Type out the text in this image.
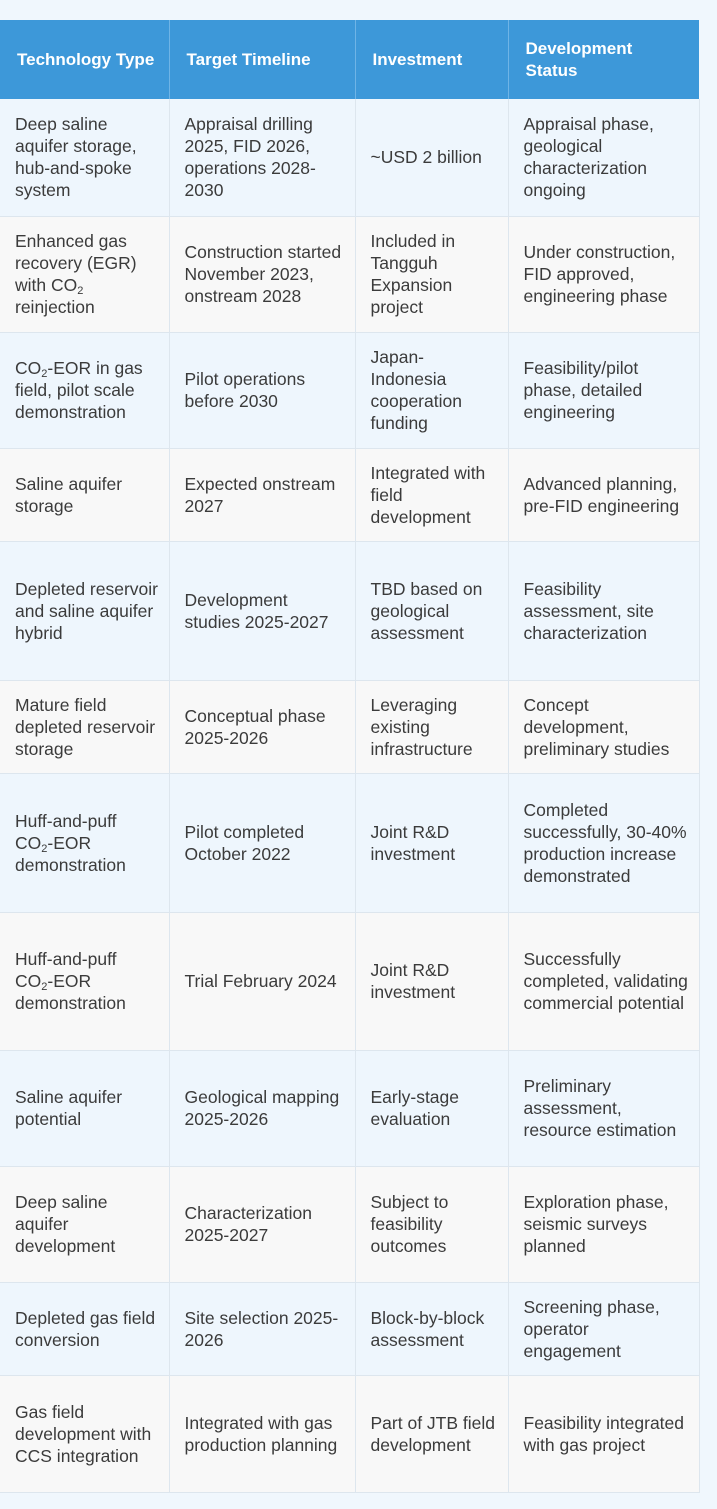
Technology Type	Target Timeline	Investment	Development Status
Deep saline aquifer storage, hub-and-spoke system	Appraisal drilling 2025, FID 2026, operations 2028-2030	~USD 2 billion	Appraisal phase, geological characterization ongoing
Enhanced gas recovery (EGR) with $CO_2$ reinjection	Construction started November 2023, onstream 2028	Included in Tangguh Expansion project	Under construction, FID approved, engineering phase
$CO_2$-EOR in gas field, pilot scale demonstration	Pilot operations before 2030	Japan-Indonesia cooperation funding	Feasibility/pilot phase, detailed engineering
Saline aquifer storage	Expected onstream 2027	Integrated with field development	Advanced planning, pre-FID engineering
Depleted reservoir and saline aquifer hybrid	Development studies 2025-2027	TBD based on geological assessment	Feasibility assessment, site characterization
Mature field depleted reservoir storage	Conceptual phase 2025-2026	Leveraging existing infrastructure	Concept development, preliminary studies
Huff-and-puff $CO_2$-EOR demonstration	Pilot completed October 2022	Joint R&D investment	Completed successfully, 30-40% production increase demonstrated
Huff-and-puff $CO_2$-EOR demonstration	Trial February 2024	Joint R&D investment	Successfully completed, validating commercial potential
Saline aquifer potential	Geological mapping 2025-2026	Early-stage evaluation	Preliminary assessment, resource estimation
Deep saline aquifer development	Characterization 2025-2027	Subject to feasibility outcomes	Exploration phase, seismic surveys planned
Depleted gas field conversion	Site selection 2025-2026	Block-by-block assessment	Screening phase, operator engagement
Gas field development with CCS integration	Integrated with gas production planning	Part of JTB field development	Feasibility integrated with gas project
